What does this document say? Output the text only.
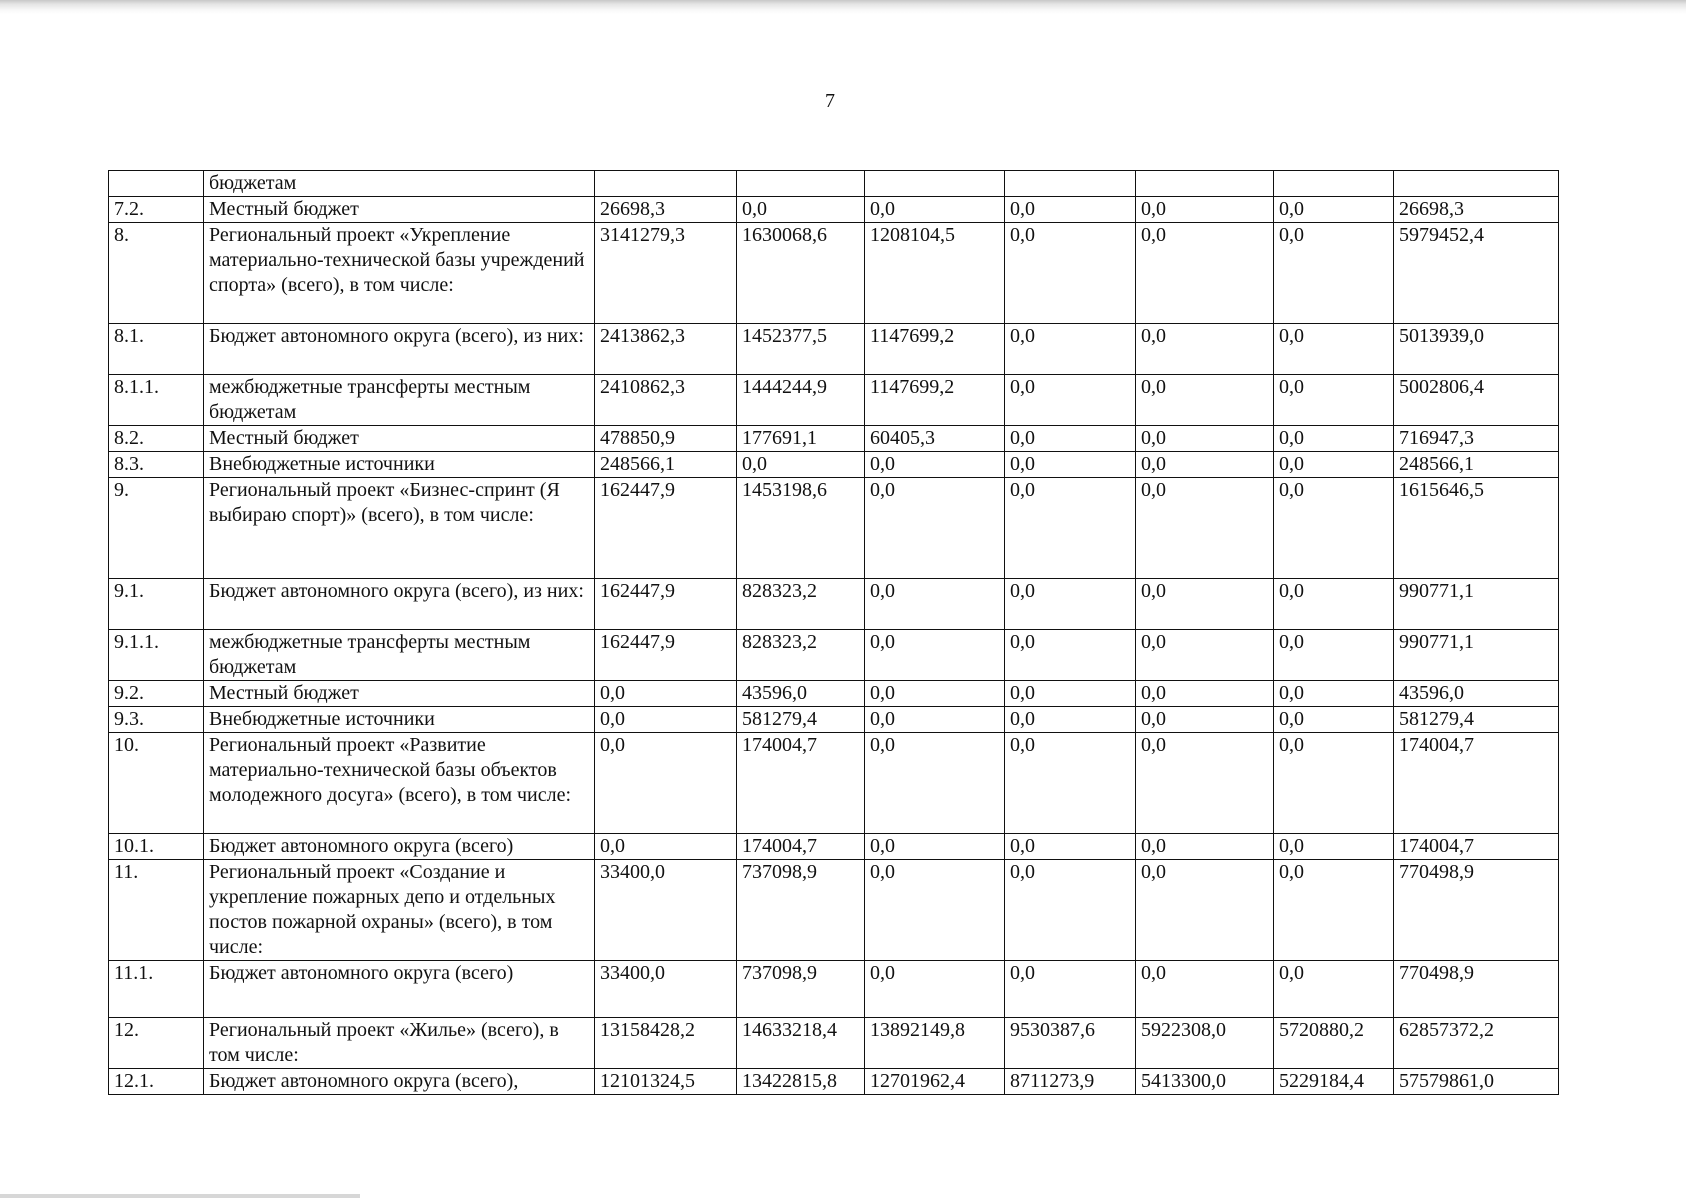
7
	бюджетам							
7.2.	Местный бюджет	26698,3	0,0	0,0	0,0	0,0	0,0	26698,3
8.	Региональный проект «Укрепление материально-технической базы учреждений спорта» (всего), в том числе:	3141279,3	1630068,6	1208104,5	0,0	0,0	0,0	5979452,4
8.1.	Бюджет автономного округа (всего), из них:	2413862,3	1452377,5	1147699,2	0,0	0,0	0,0	5013939,0
8.1.1.	межбюджетные трансферты местным бюджетам	2410862,3	1444244,9	1147699,2	0,0	0,0	0,0	5002806,4
8.2.	Местный бюджет	478850,9	177691,1	60405,3	0,0	0,0	0,0	716947,3
8.3.	Внебюджетные источники	248566,1	0,0	0,0	0,0	0,0	0,0	248566,1
9.	Региональный проект «Бизнес-спринт (Я выбираю спорт)» (всего), в том числе:	162447,9	1453198,6	0,0	0,0	0,0	0,0	1615646,5
9.1.	Бюджет автономного округа (всего), из них:	162447,9	828323,2	0,0	0,0	0,0	0,0	990771,1
9.1.1.	межбюджетные трансферты местным бюджетам	162447,9	828323,2	0,0	0,0	0,0	0,0	990771,1
9.2.	Местный бюджет	0,0	43596,0	0,0	0,0	0,0	0,0	43596,0
9.3.	Внебюджетные источники	0,0	581279,4	0,0	0,0	0,0	0,0	581279,4
10.	Региональный проект «Развитие материально-технической базы объектов молодежного досуга» (всего), в том числе:	0,0	174004,7	0,0	0,0	0,0	0,0	174004,7
10.1.	Бюджет автономного округа (всего)	0,0	174004,7	0,0	0,0	0,0	0,0	174004,7
11.	Региональный проект «Создание и укрепление пожарных депо и отдельных постов пожарной охраны» (всего), в том числе:	33400,0	737098,9	0,0	0,0	0,0	0,0	770498,9
11.1.	Бюджет автономного округа (всего)	33400,0	737098,9	0,0	0,0	0,0	0,0	770498,9
12.	Региональный проект «Жилье» (всего), в том числе:	13158428,2	14633218,4	13892149,8	9530387,6	5922308,0	5720880,2	62857372,2
12.1.	Бюджет автономного округа (всего),	12101324,5	13422815,8	12701962,4	8711273,9	5413300,0	5229184,4	57579861,0
